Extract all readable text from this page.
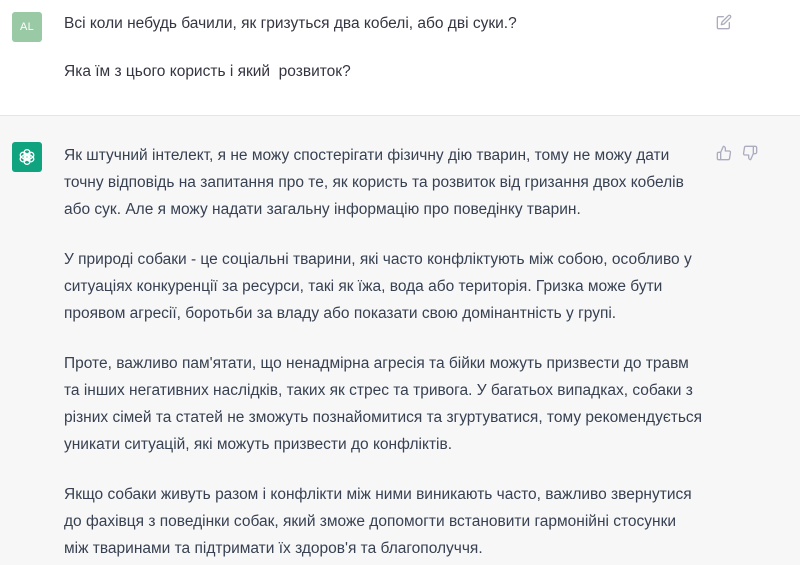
AL	Всі коли небудь бачили, як гризуться два кобелі, або дві суки.?

Яка їм з цього користь і який  розвиток?

Як штучний інтелект, я не можу спостерігати фізичну дію тварин, тому не можу дати точну відповідь на запитання про те, як користь та розвиток від гризання двох кобелів або сук. Але я можу надати загальну інформацію про поведінку тварин.

У природі собаки - це соціальні тварини, які часто конфліктують між собою, особливо у ситуаціях конкуренції за ресурси, такі як їжа, вода або територія. Гризка може бути проявом агресії, боротьби за владу або показати свою домінантність у групі.

Проте, важливо пам'ятати, що ненадмірна агресія та бійки можуть призвести до травм та інших негативних наслідків, таких як стрес та тривога. У багатьох випадках, собаки з різних сімей та статей не зможуть познайомитися та згуртуватися, тому рекомендується уникати ситуацій, які можуть призвести до конфліктів.

Якщо собаки живуть разом і конфлікти між ними виникають часто, важливо звернутися до фахівця з поведінки собак, який зможе допомогти встановити гармонійні стосунки між тваринами та підтримати їх здоров'я та благополуччя.
